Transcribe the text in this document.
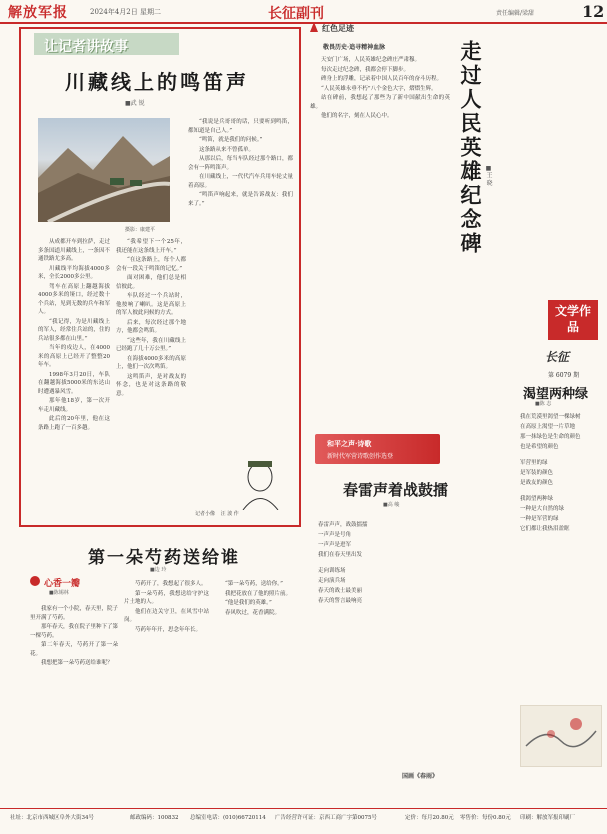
解放军报	2024年4月2日 星期二	长征副刊	责任编辑/梁甜	12
让记者讲故事
川藏线上的鸣笛声
■武 锐
摄影：康建平

从成都开车到拉萨，走过多条国道川藏线上，一条因不通铁路尤多高。

川藏线平均海拔4000多米，全长2000多公里。

驾车在高原上翻越海拔4000多米的垭口，经过数十个兵站，见到无数的兵车和军人。

“我记得，为是川藏线上的军人，经常住兵站的，住的兵站很多都在山里。”

当年的戍边人，在4000米的高原上已经开了整整20年车。

1998年3月20日，车队在翻越海拔5000米的东达山时遭遇暴风雪。

那年他18岁，第一次开车走川藏线。

此后的20年里，他在这条路上跑了一百多趟。

“我希望下一个25年，我还能在这条线上开车。”

“在这条路上，每个人都会有一段关于鸣笛的记忆。”

面对困难，他们总是相信彼此。

车队经过一个兵站时，他按响了喇叭。这是高原上的军人彼此问候的方式。

后来，每次经过那个地方，他都会鸣笛。

“这些年，我在川藏线上已经跑了几十万公里。”

在海拔4000多米的高原上，他们一次次鸣笛。

这鸣笛声，是对战友的怀念，也是对这条路的敬意。

“我说是兵哥哥的话，只要听到鸣笛，都知道是自己人。”

“鸣笛，就是我们的问候。”

这条路从来不曾孤单。

从那以后，每当车队经过那个路口，都会有一阵鸣笛声。

在川藏线上，一代代汽车兵用车轮丈量着高原。

“鸣笛声响起来，就是告诉战友：我们来了。”

记者小像 汪 波 作
第一朵芍药送给谁
■边 玲
心香一瓣
■陈锡林

我家有一个小院，春天里，院子里开满了芍药。

那年春天，我在院子里种下了第一棵芍药。

第二年春天，芍药开了第一朵花。

我想把第一朵芍药送给谁呢？

芍药开了，我想起了很多人。

第一朵芍药，我想送给守护这片土地的人。

他们在边关守卫，在风雪中站岗。

芍药年年开，思念年年长。

“第一朵芍药，送给你。”

我把花放在了他的照片前。

“他是我们的英雄。”

春风吹过，花香满院。

红色足迹
敬畏历史·追寻精神血脉

天安门广场，人民英雄纪念碑庄严肃穆。

每次走过纪念碑，我都会停下脚步。

碑身上的浮雕，记录着中国人民百年的奋斗历程。

“人民英雄永垂不朽”八个金色大字，熠熠生辉。

站在碑前，我想起了那些为了新中国献出生命的英雄。

他们的名字，刻在人民心中。	走过人民英雄纪念碑 ■王 晓
文学作品
长征
第 6079 期
渴望两种绿
■陈 志
我在荒漠里渴望一棵绿树
在高原上渴望一片草地
那一抹绿色是生命的颜色
也是希望的颜色
军营里的绿
是军装的颜色
是战友的颜色
我渴望两种绿
一种是大自然的绿
一种是军营的绿
它们都让我热泪盈眶
和平之声·诗歌
新时代军营诗歌创作选登
春雷声着战鼓擂
■高 峻
春雷声声，战鼓擂擂
一声声是号角
一声声是进军
我们在春天里出发
走向训练场
走向演兵场
春天的战士最美丽
春天的誓言最响亮
国画《春雨》
社址：北京市西城区阜外大街34号	邮政编码：100832 总编室电话：(010)66720114 广告经营许可证：京西工商广字第0075号	定价：每月20.80元 零售价：每份0.80元 印刷：解放军报印刷厂
